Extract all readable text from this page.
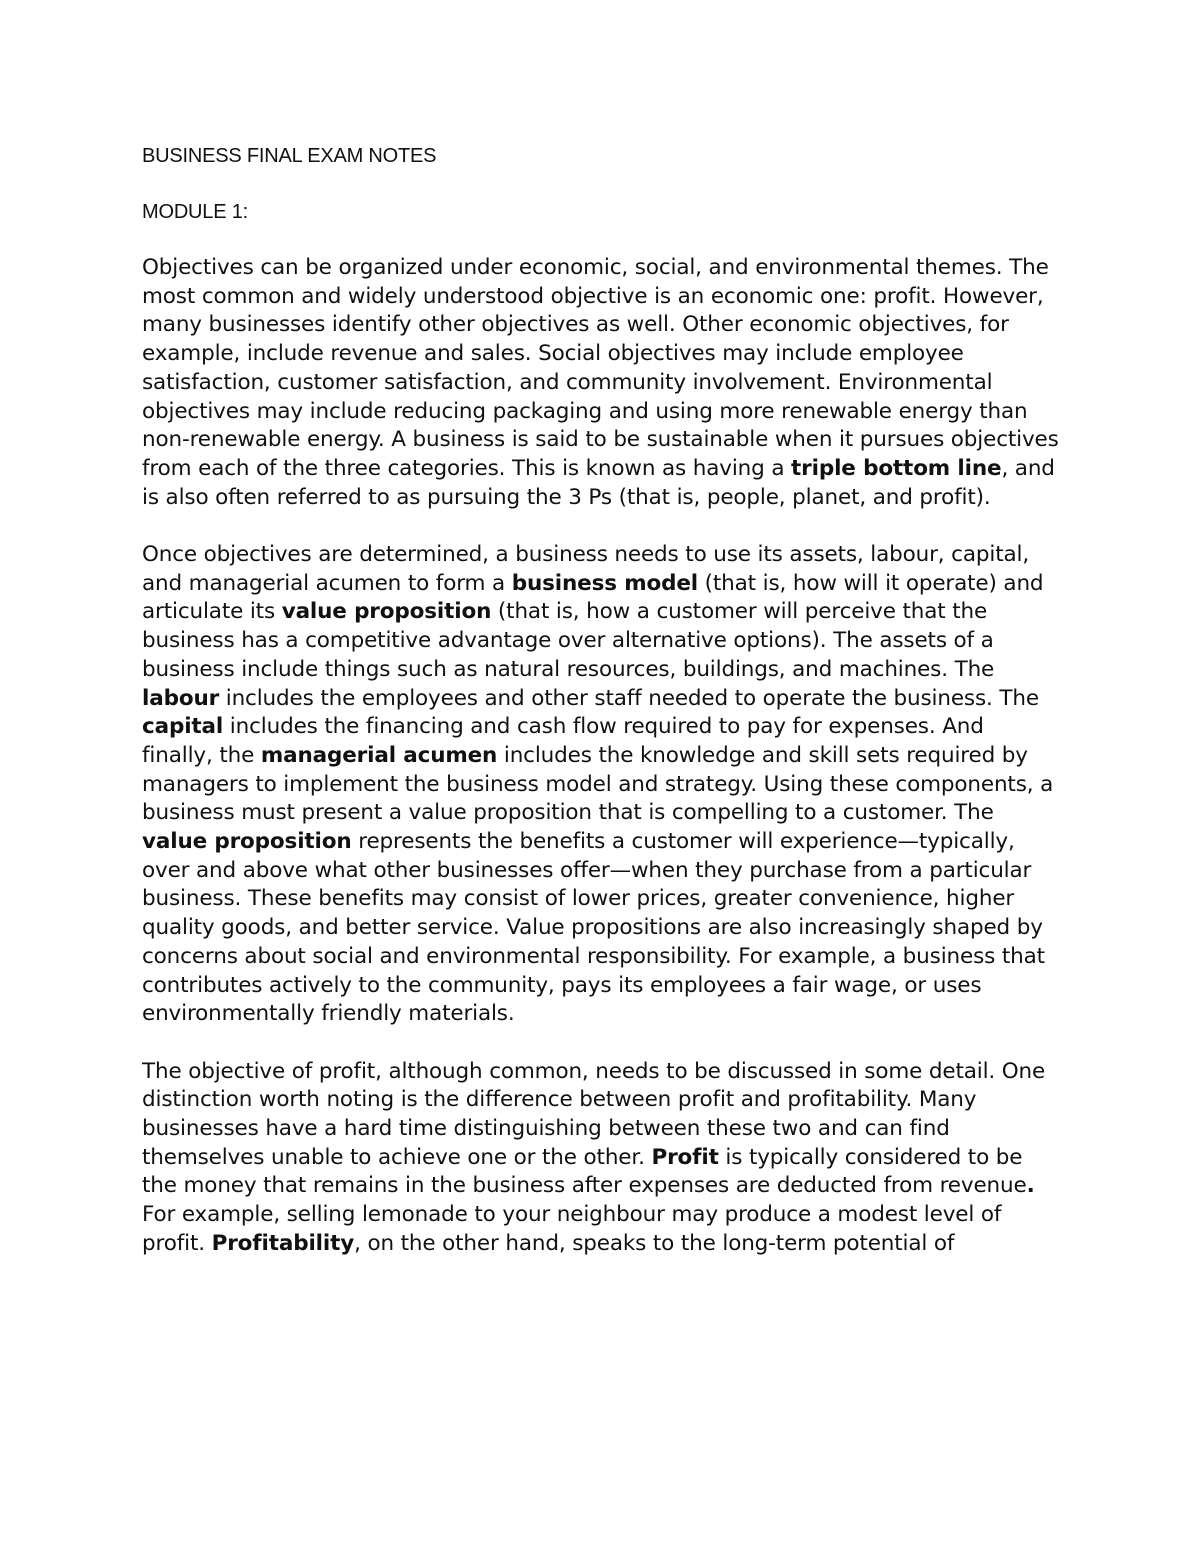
BUSINESS FINAL EXAM NOTES
MODULE 1:

Objectives can be organized under economic, social, and environmental themes. The most common and widely understood objective is an economic one: profit. However, many businesses identify other objectives as well. Other economic objectives, for example, include revenue and sales. Social objectives may include employee satisfaction, customer satisfaction, and community involvement. Environmental objectives may include reducing packaging and using more renewable energy than non-renewable energy. A business is said to be sustainable when it pursues objectives from each of the three categories. This is known as having a triple bottom line, and is also often referred to as pursuing the 3 Ps (that is, people, planet, and profit).

Once objectives are determined, a business needs to use its assets, labour, capital, and managerial acumen to form a business model (that is, how will it operate) and articulate its value proposition (that is, how a customer will perceive that the business has a competitive advantage over alternative options). The assets of a business include things such as natural resources, buildings, and machines. The labour includes the employees and other staff needed to operate the business. The capital includes the financing and cash flow required to pay for expenses. And finally, the managerial acumen includes the knowledge and skill sets required by managers to implement the business model and strategy. Using these components, a business must present a value proposition that is compelling to a customer. The value proposition represents the benefits a customer will experience—typically, over and above what other businesses offer—when they purchase from a particular business. These benefits may consist of lower prices, greater convenience, higher quality goods, and better service. Value propositions are also increasingly shaped by concerns about social and environmental responsibility. For example, a business that contributes actively to the community, pays its employees a fair wage, or uses environmentally friendly materials.

The objective of profit, although common, needs to be discussed in some detail. One distinction worth noting is the difference between profit and profitability. Many businesses have a hard time distinguishing between these two and can find themselves unable to achieve one or the other. Profit is typically considered to be the money that remains in the business after expenses are deducted from revenue. For example, selling lemonade to your neighbour may produce a modest level of profit. Profitability, on the other hand, speaks to the long-term potential of
